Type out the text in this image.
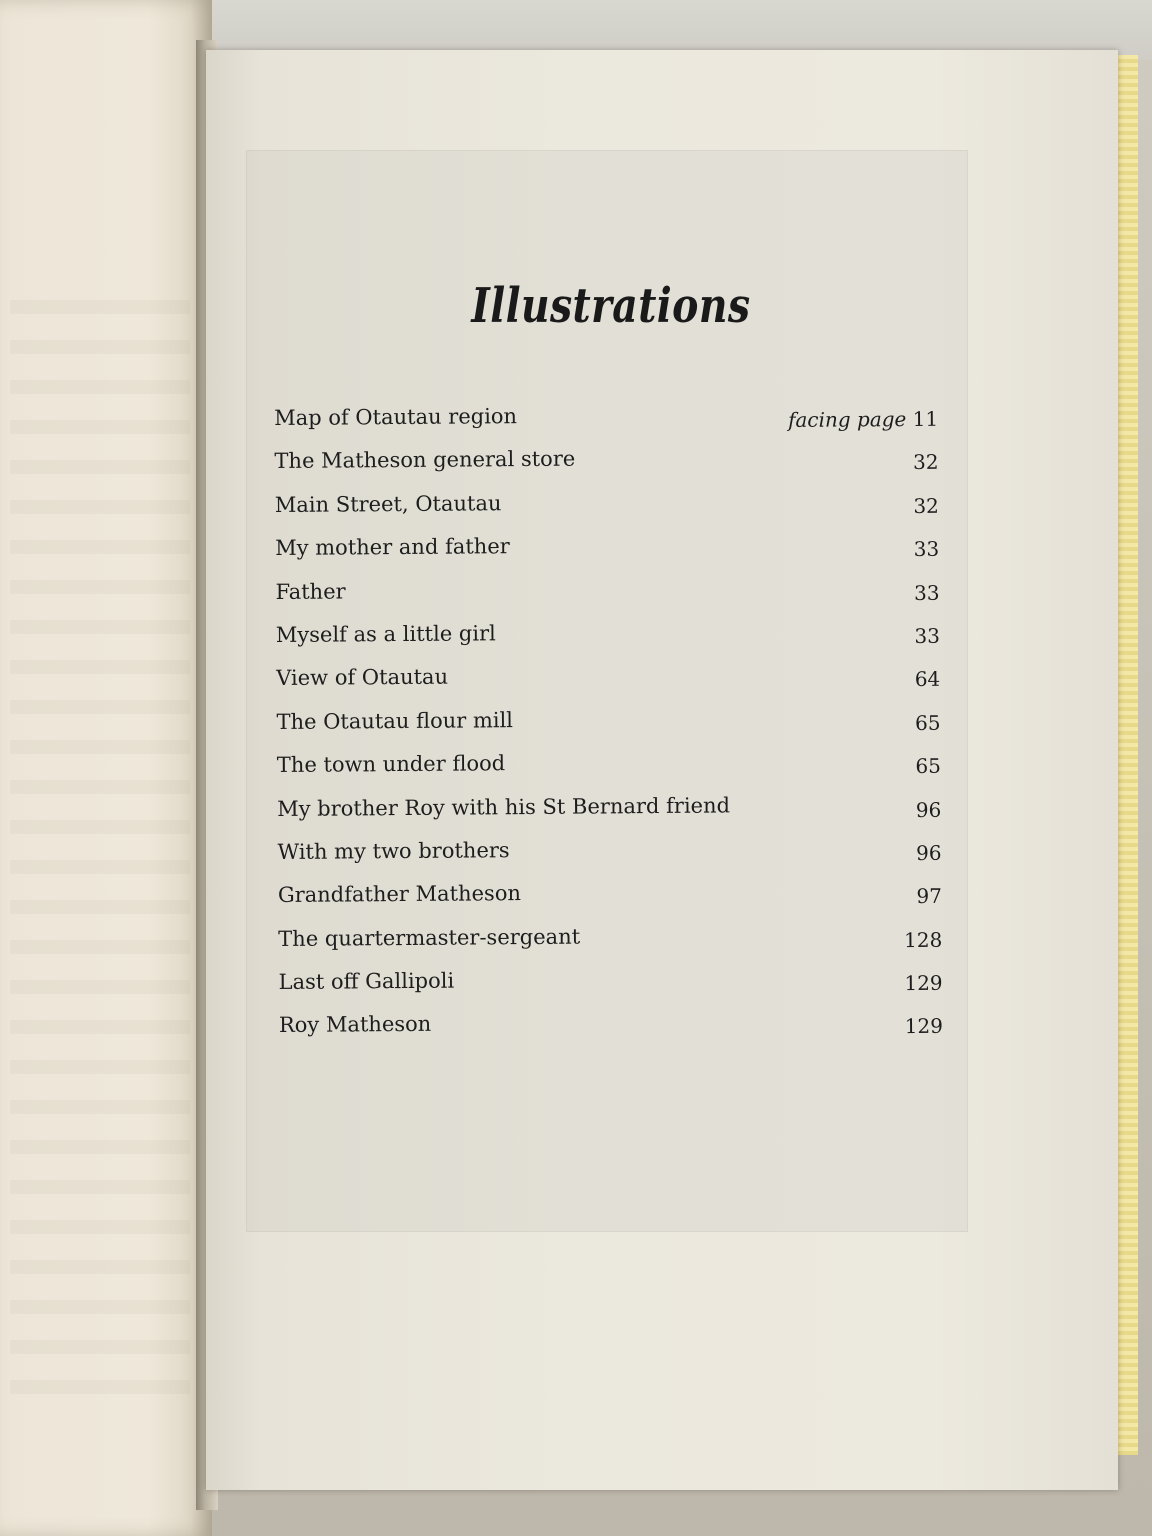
Illustrations
Map of Otautau region	facing page 11
The Matheson general store	32
Main Street, Otautau	32
My mother and father	33
Father	33
Myself as a little girl	33
View of Otautau	64
The Otautau flour mill	65
The town under flood	65
My brother Roy with his St Bernard friend	96
With my two brothers	96
Grandfather Matheson	97
The quartermaster-sergeant	128
Last off Gallipoli	129
Roy Matheson	129
